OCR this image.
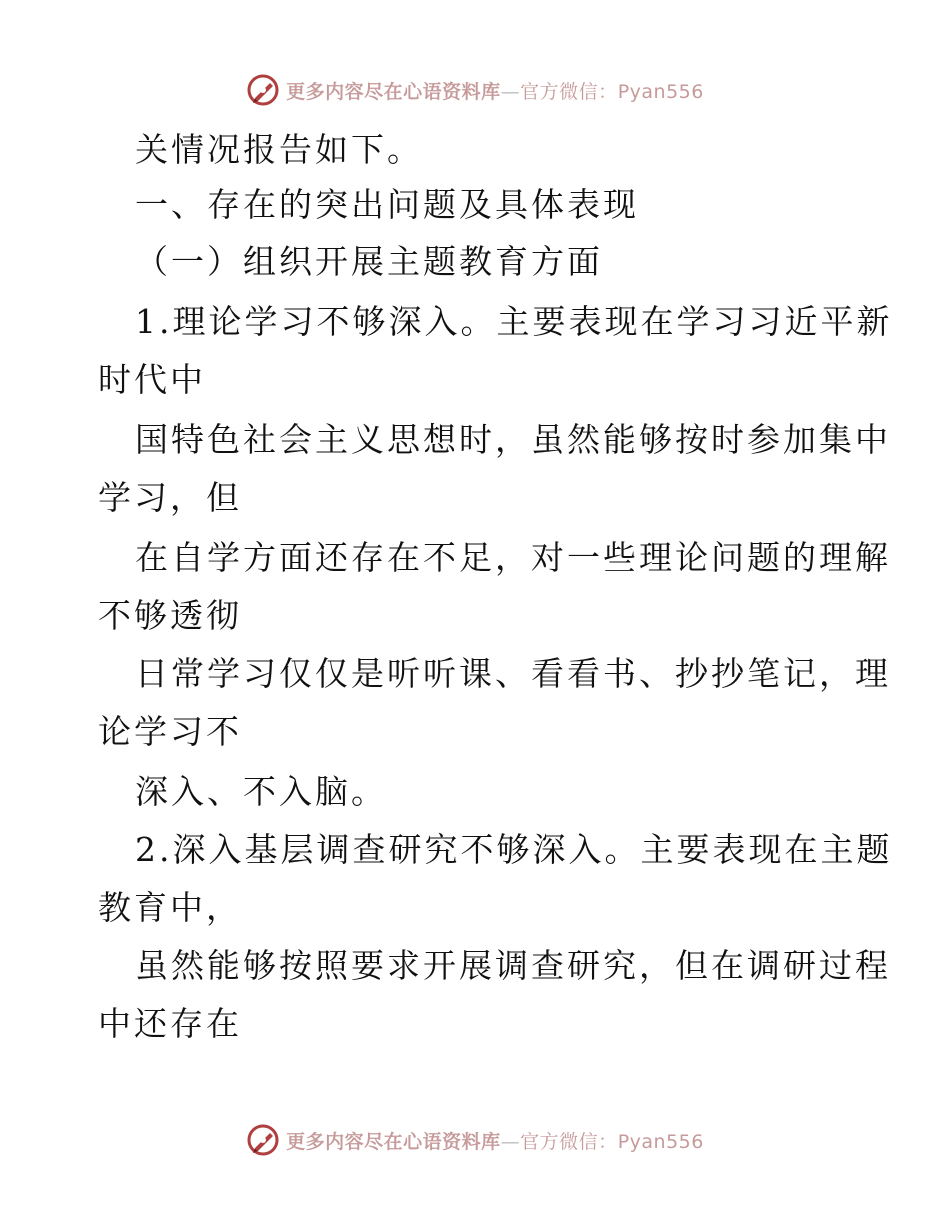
更多内容尽在心语资料库—官方微信：Pyan556
关情况报告如下。
一、存在的突出问题及具体表现
（一）组织开展主题教育方面
1.理论学习不够深入。主要表现在学习习近平新
时代中
国特色社会主义思想时，虽然能够按时参加集中
学习，但
在自学方面还存在不足，对一些理论问题的理解
不够透彻
日常学习仅仅是听听课、看看书、抄抄笔记，理
论学习不
深入、不入脑。
2.深入基层调查研究不够深入。主要表现在主题
教育中，
虽然能够按照要求开展调查研究，但在调研过程
中还存在
更多内容尽在心语资料库—官方微信：Pyan556
